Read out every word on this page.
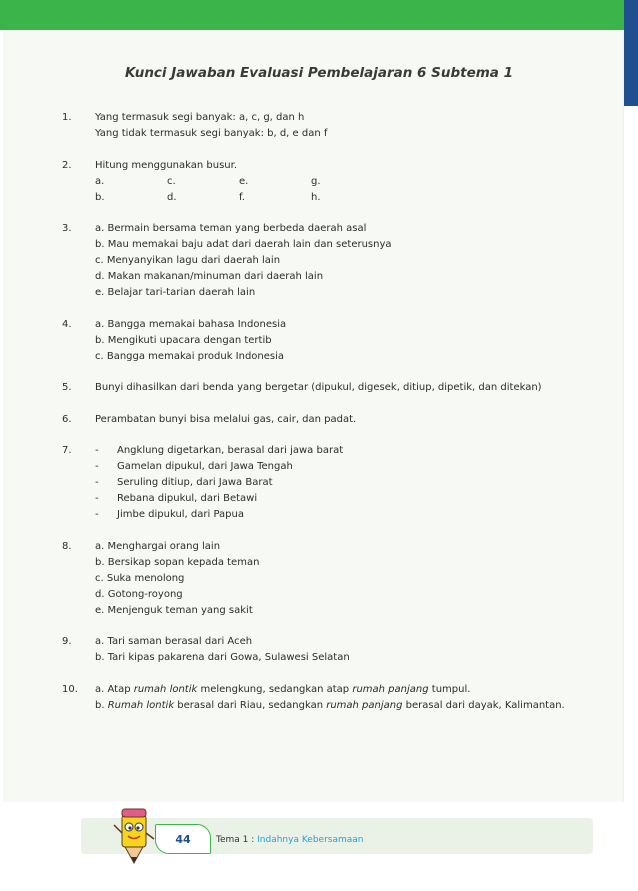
Kunci Jawaban Evaluasi Pembelajaran 6 Subtema 1
1.	Yang termasuk segi banyak: a, c, g, dan h
Yang tidak termasuk segi banyak: b, d, e dan f
2.	Hitung menggunakan busur.
a.	c.	e.	g.
b.	d.	f.	h.
3.	a. Bermain bersama teman yang berbeda daerah asal
b. Mau memakai baju adat dari daerah lain dan seterusnya
c. Menyanyikan lagu dari daerah lain
d. Makan makanan/minuman dari daerah lain
e. Belajar tari-tarian daerah lain
4.	a. Bangga memakai bahasa Indonesia
b. Mengikuti upacara dengan tertib
c. Bangga memakai produk Indonesia
5.	Bunyi dihasilkan dari benda yang bergetar (dipukul, digesek, ditiup, dipetik, dan ditekan)
6.	Perambatan bunyi bisa melalui gas, cair, dan padat.
7.	- Angklung digetarkan, berasal dari jawa barat
- Gamelan dipukul, dari Jawa Tengah
- Seruling ditiup, dari Jawa Barat
- Rebana dipukul, dari Betawi
- Jimbe dipukul, dari Papua
8.	a. Menghargai orang lain
b. Bersikap sopan kepada teman
c. Suka menolong
d. Gotong-royong
e. Menjenguk teman yang sakit
9.	a. Tari saman berasal dari Aceh
b. Tari kipas pakarena dari Gowa, Sulawesi Selatan
10.	a. Atap rumah lontik melengkung, sedangkan atap rumah panjang tumpul.
b. Rumah lontik berasal dari Riau, sedangkan rumah panjang berasal dari dayak, Kalimantan.
44	Tema 1 : Indahnya Kebersamaan
